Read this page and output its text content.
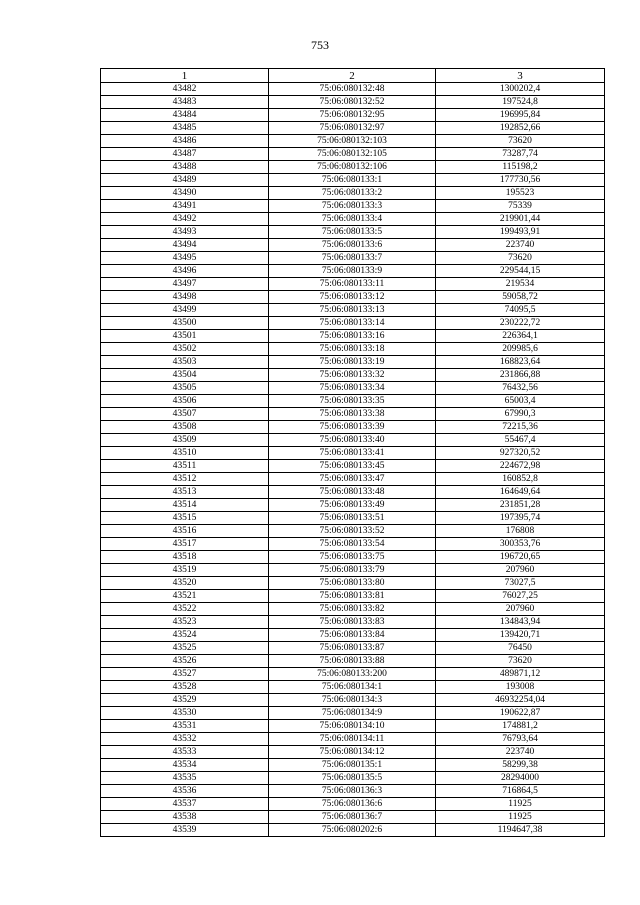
753
1	2	3
43482	75:06:080132:48	1300202,4
43483	75:06:080132:52	197524,8
43484	75:06:080132:95	196995,84
43485	75:06:080132:97	192852,66
43486	75:06:080132:103	73620
43487	75:06:080132:105	73287,74
43488	75:06:080132:106	115198,2
43489	75:06:080133:1	177730,56
43490	75:06:080133:2	195523
43491	75:06:080133:3	75339
43492	75:06:080133:4	219901,44
43493	75:06:080133:5	199493,91
43494	75:06:080133:6	223740
43495	75:06:080133:7	73620
43496	75:06:080133:9	229544,15
43497	75:06:080133:11	219534
43498	75:06:080133:12	59058,72
43499	75:06:080133:13	74095,5
43500	75:06:080133:14	230222,72
43501	75:06:080133:16	226364,1
43502	75:06:080133:18	209985,6
43503	75:06:080133:19	168823,64
43504	75:06:080133:32	231866,88
43505	75:06:080133:34	76432,56
43506	75:06:080133:35	65003,4
43507	75:06:080133:38	67990,3
43508	75:06:080133:39	72215,36
43509	75:06:080133:40	55467,4
43510	75:06:080133:41	927320,52
43511	75:06:080133:45	224672,98
43512	75:06:080133:47	160852,8
43513	75:06:080133:48	164649,64
43514	75:06:080133:49	231851,28
43515	75:06:080133:51	197395,74
43516	75:06:080133:52	176808
43517	75:06:080133:54	300353,76
43518	75:06:080133:75	196720,65
43519	75:06:080133:79	207960
43520	75:06:080133:80	73027,5
43521	75:06:080133:81	76027,25
43522	75:06:080133:82	207960
43523	75:06:080133:83	134843,94
43524	75:06:080133:84	139420,71
43525	75:06:080133:87	76450
43526	75:06:080133:88	73620
43527	75:06:080133:200	489871,12
43528	75:06:080134:1	193008
43529	75:06:080134:3	46932254,04
43530	75:06:080134:9	190622,87
43531	75:06:080134:10	174881,2
43532	75:06:080134:11	76793,64
43533	75:06:080134:12	223740
43534	75:06:080135:1	58299,38
43535	75:06:080135:5	28294000
43536	75:06:080136:3	716864,5
43537	75:06:080136:6	11925
43538	75:06:080136:7	11925
43539	75:06:080202:6	1194647,38
